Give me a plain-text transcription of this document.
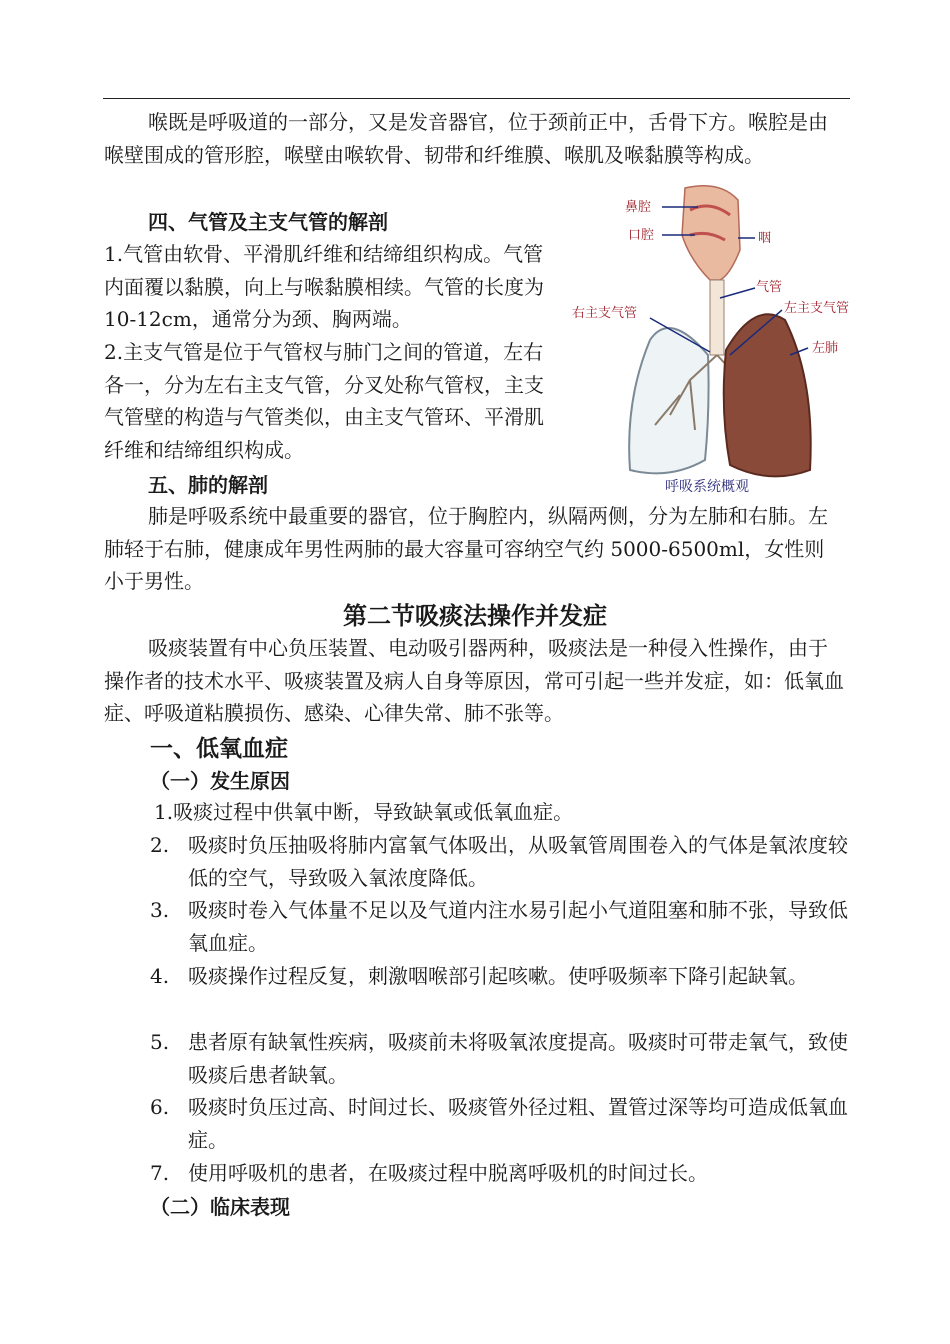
喉既是呼吸道的一部分，又是发音器官，位于颈前正中，舌骨下方。喉腔是由喉壁围成的管形腔，喉壁由喉软骨、韧带和纤维膜、喉肌及喉黏膜等构成。

四、气管及主支气管的解剖

1.气管由软骨、平滑肌纤维和结缔组织构成。气管内面覆以黏膜，向上与喉黏膜相续。气管的长度为 10-12cm，通常分为颈、胸两端。

2.主支气管是位于气管杈与肺门之间的管道，左右各一，分为左右主支气管，分叉处称气管杈，主支气管壁的构造与气管类似，由主支气管环、平滑肌纤维和结缔组织构成。

鼻腔
口腔	咽
气管
右主支气管	左主支气管
左肺
呼吸系统概观
五、肺的解剖

肺是呼吸系统中最重要的器官，位于胸腔内，纵隔两侧，分为左肺和右肺。左肺轻于右肺，健康成年男性两肺的最大容量可容纳空气约 5000-6500ml，女性则小于男性。

第二节吸痰法操作并发症

吸痰装置有中心负压装置、电动吸引器两种，吸痰法是一种侵入性操作，由于操作者的技术水平、吸痰装置及病人自身等原因，常可引起一些并发症，如：低氧血症、呼吸道粘膜损伤、感染、心律失常、肺不张等。

一、低氧血症
（一）发生原因
1.吸痰过程中供氧中断，导致缺氧或低氧血症。
2. 吸痰时负压抽吸将肺内富氧气体吸出，从吸氧管周围卷入的气体是氧浓度较低的空气，导致吸入氧浓度降低。
3. 吸痰时卷入气体量不足以及气道内注水易引起小气道阻塞和肺不张，导致低氧血症。
4. 吸痰操作过程反复，刺激咽喉部引起咳嗽。使呼吸频率下降引起缺氧。
5. 患者原有缺氧性疾病，吸痰前未将吸氧浓度提高。吸痰时可带走氧气，致使吸痰后患者缺氧。
6. 吸痰时负压过高、时间过长、吸痰管外径过粗、置管过深等均可造成低氧血症。
7. 使用呼吸机的患者，在吸痰过程中脱离呼吸机的时间过长。
（二）临床表现
